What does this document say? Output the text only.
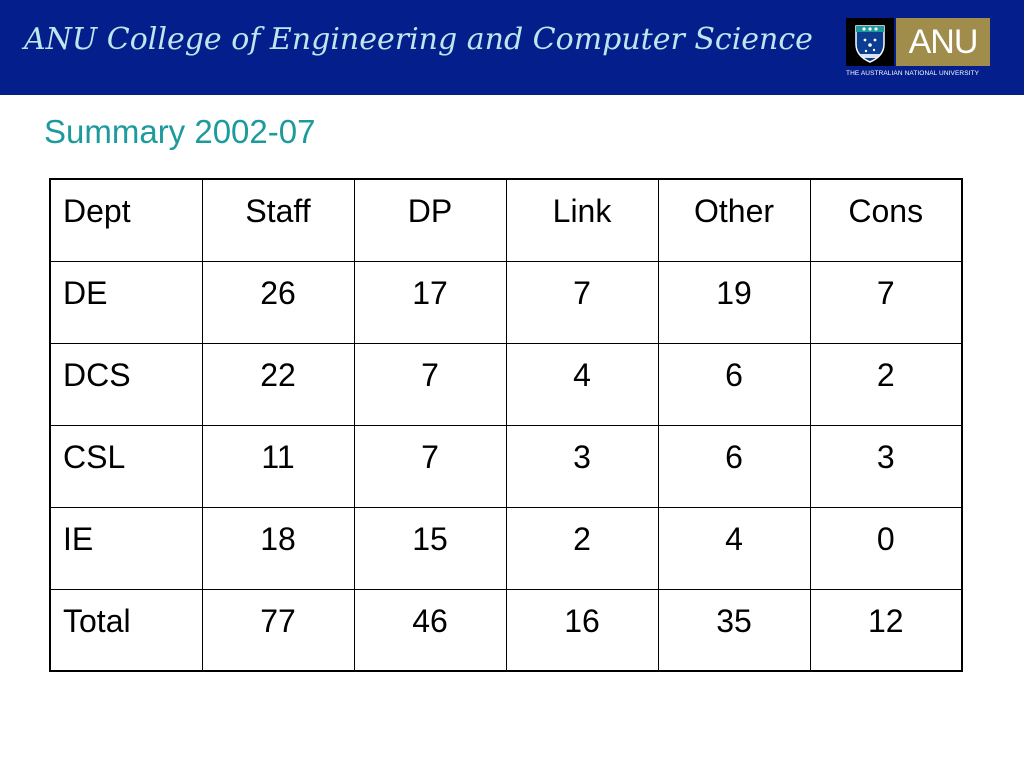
ANU College of Engineering and Computer Science	ANU
THE AUSTRALIAN NATIONAL UNIVERSITY
Summary 2002-07
Dept	Staff	DP	Link	Other	Cons

DE	26	17	7	19	7

DCS	22	7	4	6	2

CSL	11	7	3	6	3

IE	18	15	2	4	0

Total	77	46	16	35	12
